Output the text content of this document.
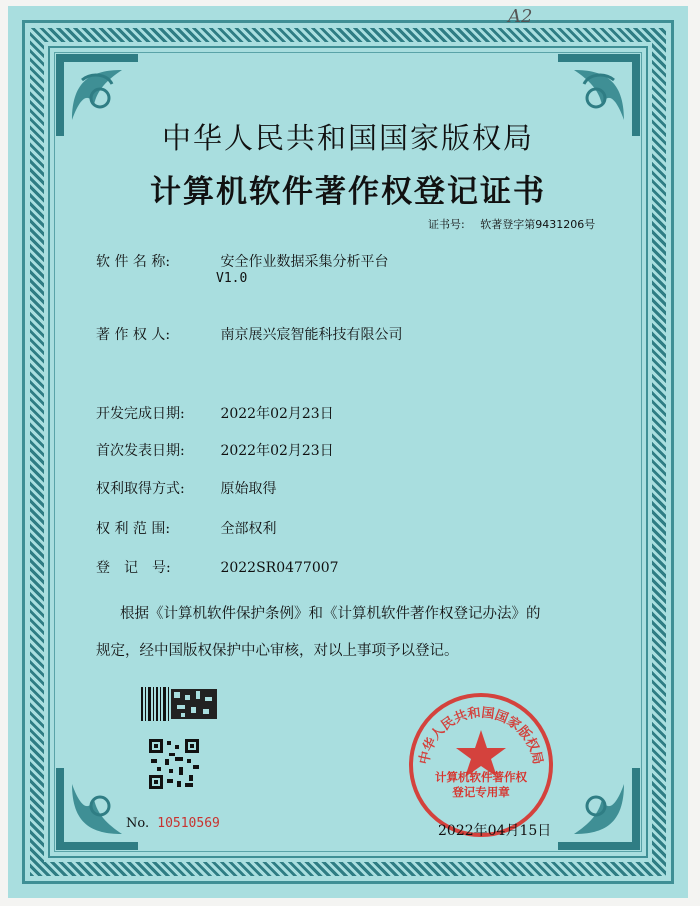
A2
中华人民共和国国家版权局
计算机软件著作权登记证书
证书号: 软著登字第9431206号
软 件 名 称:	安全作业数据采集分析平台
V1.0
著 作 权 人:	南京展兴宸智能科技有限公司
开发完成日期:	2022年02月23日
首次发表日期:	2022年02月23日
权利取得方式:	原始取得
权 利 范 围:	全部权利
登　记　号:	2022SR0477007
根据《计算机软件保护条例》和《计算机软件著作权登记办法》的
规定，经中国版权保护中心审核，对以上事项予以登记。
No. 10510569
中华人民共和国国家版权局
计算机软件著作权
登记专用章
2022年04月15日
